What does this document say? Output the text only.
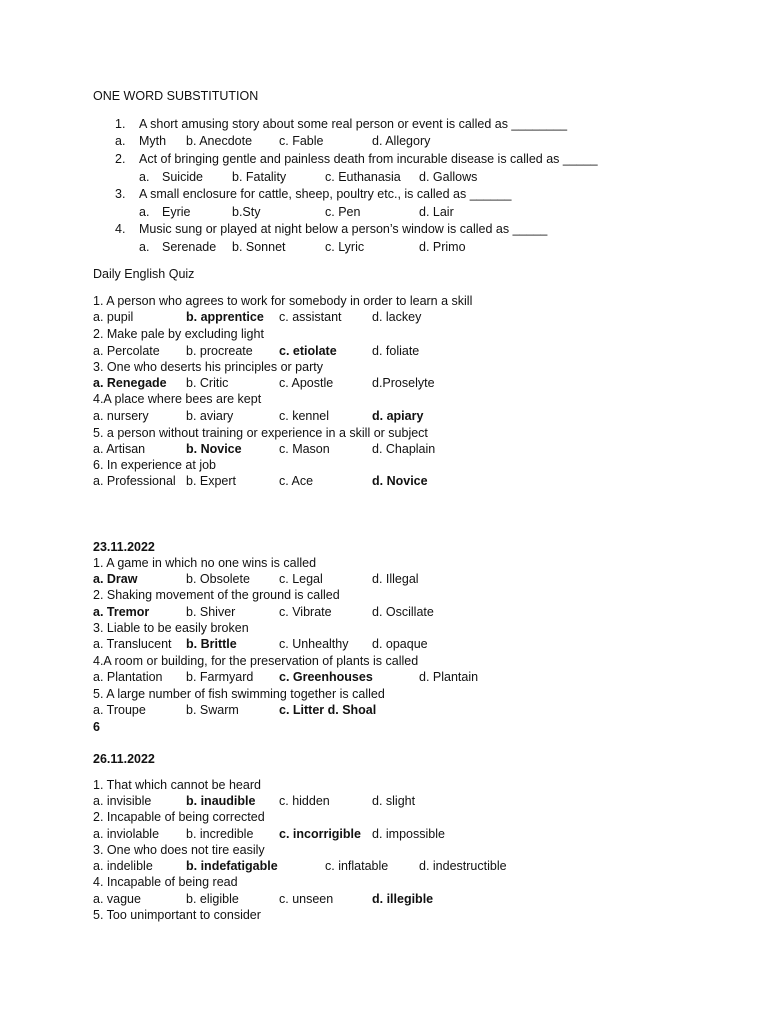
ONE WORD SUBSTITUTION
1. A short amusing story about some real person or event is called as ________
a. Myth b. Anecdote c. Fable	d. Allegory
2. Act of bringing gentle and painless death from incurable disease is called as _____
a. Suicide b. Fatality	c. Euthanasia d. Gallows
3. A small enclosure for cattle, sheep, poultry etc., is called as ______
a. Eyrie	b.Sty	c. Pen	d. Lair
4. Music sung or played at night below a person’s window is called as _____
a. Serenade b. Sonnet	c. Lyric	d. Primo
Daily English Quiz
1. A person who agrees to work for somebody in order to learn a skill
a. pupil	b. apprentice c. assistant d. lackey
2. Make pale by excluding light
a. Percolate b. procreate c. etiolate	d. foliate
3. One who deserts his principles or party
a. Renegade b. Critic	c. Apostle	d.Proselyte
4.A place where bees are kept
a. nursery	b. aviary	c. kennel	d. apiary
5. a person without training or experience in a skill or subject
a. Artisan	b. Novice	c. Mason	d. Chaplain
6. In experience at job
a. Professional b. Expert	c. Ace	d. Novice
23.11.2022
1. A game in which no one wins is called
a. Draw	b. Obsolete c. Legal	d. Illegal
2. Shaking movement of the ground is called
a. Tremor	b. Shiver	c. Vibrate	d. Oscillate
3. Liable to be easily broken
a. Translucent b. Brittle	c. Unhealthy d. opaque
4.A room or building, for the preservation of plants is called
a. Plantation b. Farmyard c. Greenhouses	d. Plantain
5. A large number of fish swimming together is called
a. Troupe	b. Swarm	c. Litter d. Shoal
6
26.11.2022
1. That which cannot be heard
a. invisible	b. inaudible c. hidden	d. slight
2. Incapable of being corrected
a. inviolable b. incredible c. incorrigible d. impossible
3. One who does not tire easily
a. indelible	b. indefatigable	c. inflatable d. indestructible
4. Incapable of being read
a. vague	b. eligible	c. unseen	d. illegible
5. Too unimportant to consider
